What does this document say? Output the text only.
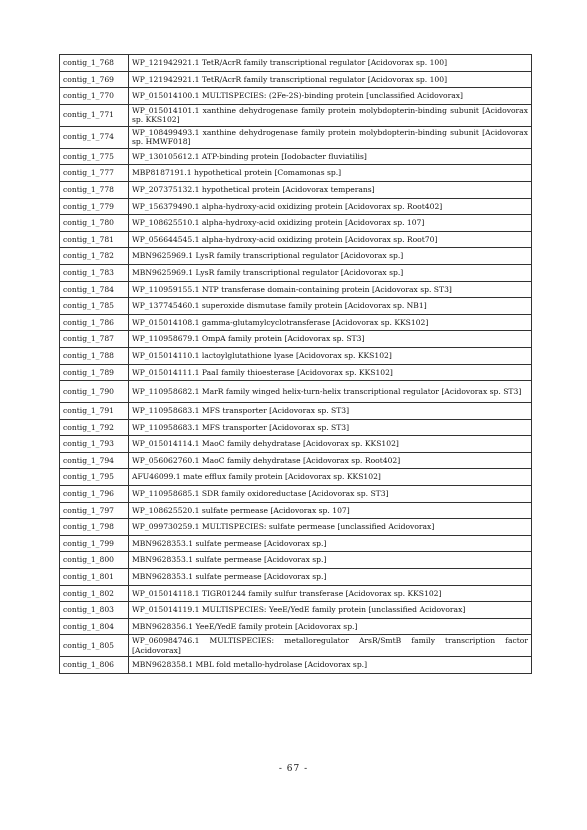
contig_1_768	WP_121942921.1 TetR/AcrR family transcriptional regulator [Acidovorax sp. 100]
contig_1_769	WP_121942921.1 TetR/AcrR family transcriptional regulator [Acidovorax sp. 100]
contig_1_770	WP_015014100.1 MULTISPECIES: (2Fe-2S)-binding protein [unclassified Acidovorax]
contig_1_771	WP_015014101.1 xanthine dehydrogenase family protein molybdopterin-binding subunit [Acidovorax sp. KKS102]
contig_1_774	WP_108499493.1 xanthine dehydrogenase family protein molybdopterin-binding subunit [Acidovorax sp. HMWF018]
contig_1_775	WP_130105612.1 ATP-binding protein [Iodobacter fluviatilis]
contig_1_777	MBP8187191.1 hypothetical protein [Comamonas sp.]
contig_1_778	WP_207375132.1 hypothetical protein [Acidovorax temperans]
contig_1_779	WP_156379490.1 alpha-hydroxy-acid oxidizing protein [Acidovorax sp. Root402]
contig_1_780	WP_108625510.1 alpha-hydroxy-acid oxidizing protein [Acidovorax sp. 107]
contig_1_781	WP_056644545.1 alpha-hydroxy-acid oxidizing protein [Acidovorax sp. Root70]
contig_1_782	MBN9625969.1 LysR family transcriptional regulator [Acidovorax sp.]
contig_1_783	MBN9625969.1 LysR family transcriptional regulator [Acidovorax sp.]
contig_1_784	WP_110959155.1 NTP transferase domain-containing protein [Acidovorax sp. ST3]
contig_1_785	WP_137745460.1 superoxide dismutase family protein [Acidovorax sp. NB1]
contig_1_786	WP_015014108.1 gamma-glutamylcyclotransferase [Acidovorax sp. KKS102]
contig_1_787	WP_110958679.1 OmpA family protein [Acidovorax sp. ST3]
contig_1_788	WP_015014110.1 lactoylglutathione lyase [Acidovorax sp. KKS102]
contig_1_789	WP_015014111.1 PaaI family thioesterase [Acidovorax sp. KKS102]
contig_1_790	WP_110958682.1 MarR family winged helix-turn-helix transcriptional regulator [Acidovorax sp. ST3]
contig_1_791	WP_110958683.1 MFS transporter [Acidovorax sp. ST3]
contig_1_792	WP_110958683.1 MFS transporter [Acidovorax sp. ST3]
contig_1_793	WP_015014114.1 MaoC family dehydratase [Acidovorax sp. KKS102]
contig_1_794	WP_056062760.1 MaoC family dehydratase [Acidovorax sp. Root402]
contig_1_795	AFU46099.1 mate efflux family protein [Acidovorax sp. KKS102]
contig_1_796	WP_110958685.1 SDR family oxidoreductase [Acidovorax sp. ST3]
contig_1_797	WP_108625520.1 sulfate permease [Acidovorax sp. 107]
contig_1_798	WP_099730259.1 MULTISPECIES: sulfate permease [unclassified Acidovorax]
contig_1_799	MBN9628353.1 sulfate permease [Acidovorax sp.]
contig_1_800	MBN9628353.1 sulfate permease [Acidovorax sp.]
contig_1_801	MBN9628353.1 sulfate permease [Acidovorax sp.]
contig_1_802	WP_015014118.1 TIGR01244 family sulfur transferase [Acidovorax sp. KKS102]
contig_1_803	WP_015014119.1 MULTISPECIES: YeeE/YedE family protein [unclassified Acidovorax]
contig_1_804	MBN9628356.1 YeeE/YedE family protein [Acidovorax sp.]
contig_1_805	WP_060984746.1 MULTISPECIES: metalloregulator ArsR/SmtB family transcription factor [Acidovorax]
contig_1_806	MBN9628358.1 MBL fold metallo-hydrolase [Acidovorax sp.]
- 67 -
